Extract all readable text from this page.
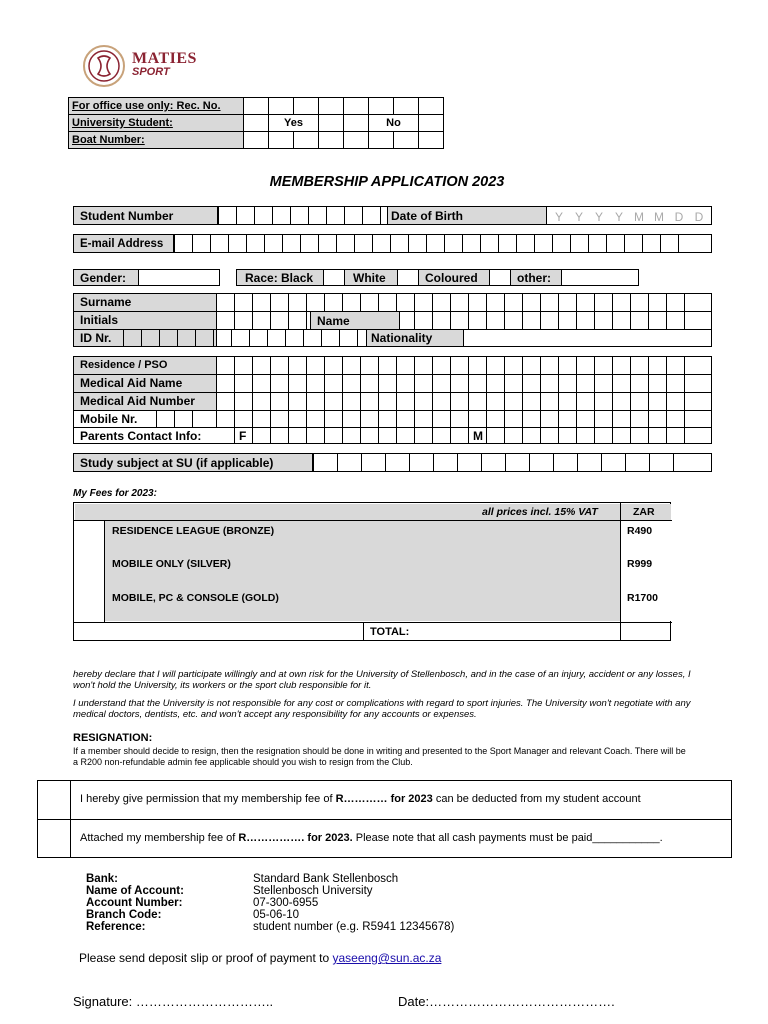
MATIES
SPORT
For office use only: Rec. No.								
University Student:		Yes				No		
Boat Number:								
MEMBERSHIP APPLICATION 2023
Student Number	Date of Birth	Y Y Y Y M M D D
E-mail Address
Gender:	Race: Black	White	Coloured	other:
Surname
Initials	Name
ID Nr.	Nationality
Residence / PSO
Medical Aid Name
Medical Aid Number
Mobile Nr.
Parents Contact Info:	F	M
Study subject at SU (if applicable)
My Fees for 2023:
all prices incl. 15% VAT	ZAR
RESIDENCE LEAGUE (BRONZE)	R490
MOBILE ONLY (SILVER)	R999
MOBILE, PC & CONSOLE (GOLD)	R1700
TOTAL:
hereby declare that I will participate willingly and at own risk for the University of Stellenbosch, and in the case of an injury, accident or any losses, I won't hold the University, its workers or the sport club responsible for it.
I understand that the University is not responsible for any cost or complications with regard to sport injuries. The University won't negotiate with any medical doctors, dentists, etc. and won't accept any responsibility for any accounts or expenses.
RESIGNATION:
If a member should decide to resign, then the resignation should be done in writing and presented to the Sport Manager and relevant Coach. There will be a R200 non-refundable admin fee applicable should you wish to resign from the Club.
I hereby give permission that my membership fee of R………… for 2023 can be deducted from my student account
Attached my membership fee of R……………. for 2023. Please note that all cash payments must be paid___________.
Bank:	Standard Bank Stellenbosch
Name of Account:	Stellenbosch University
Account Number:	07-300-6955
Branch Code:	05-06-10
Reference:	student number (e.g. R5941 12345678)
Please send deposit slip or proof of payment to yaseeng@sun.ac.za
Signature: …………………………..	Date:…………………………………….
